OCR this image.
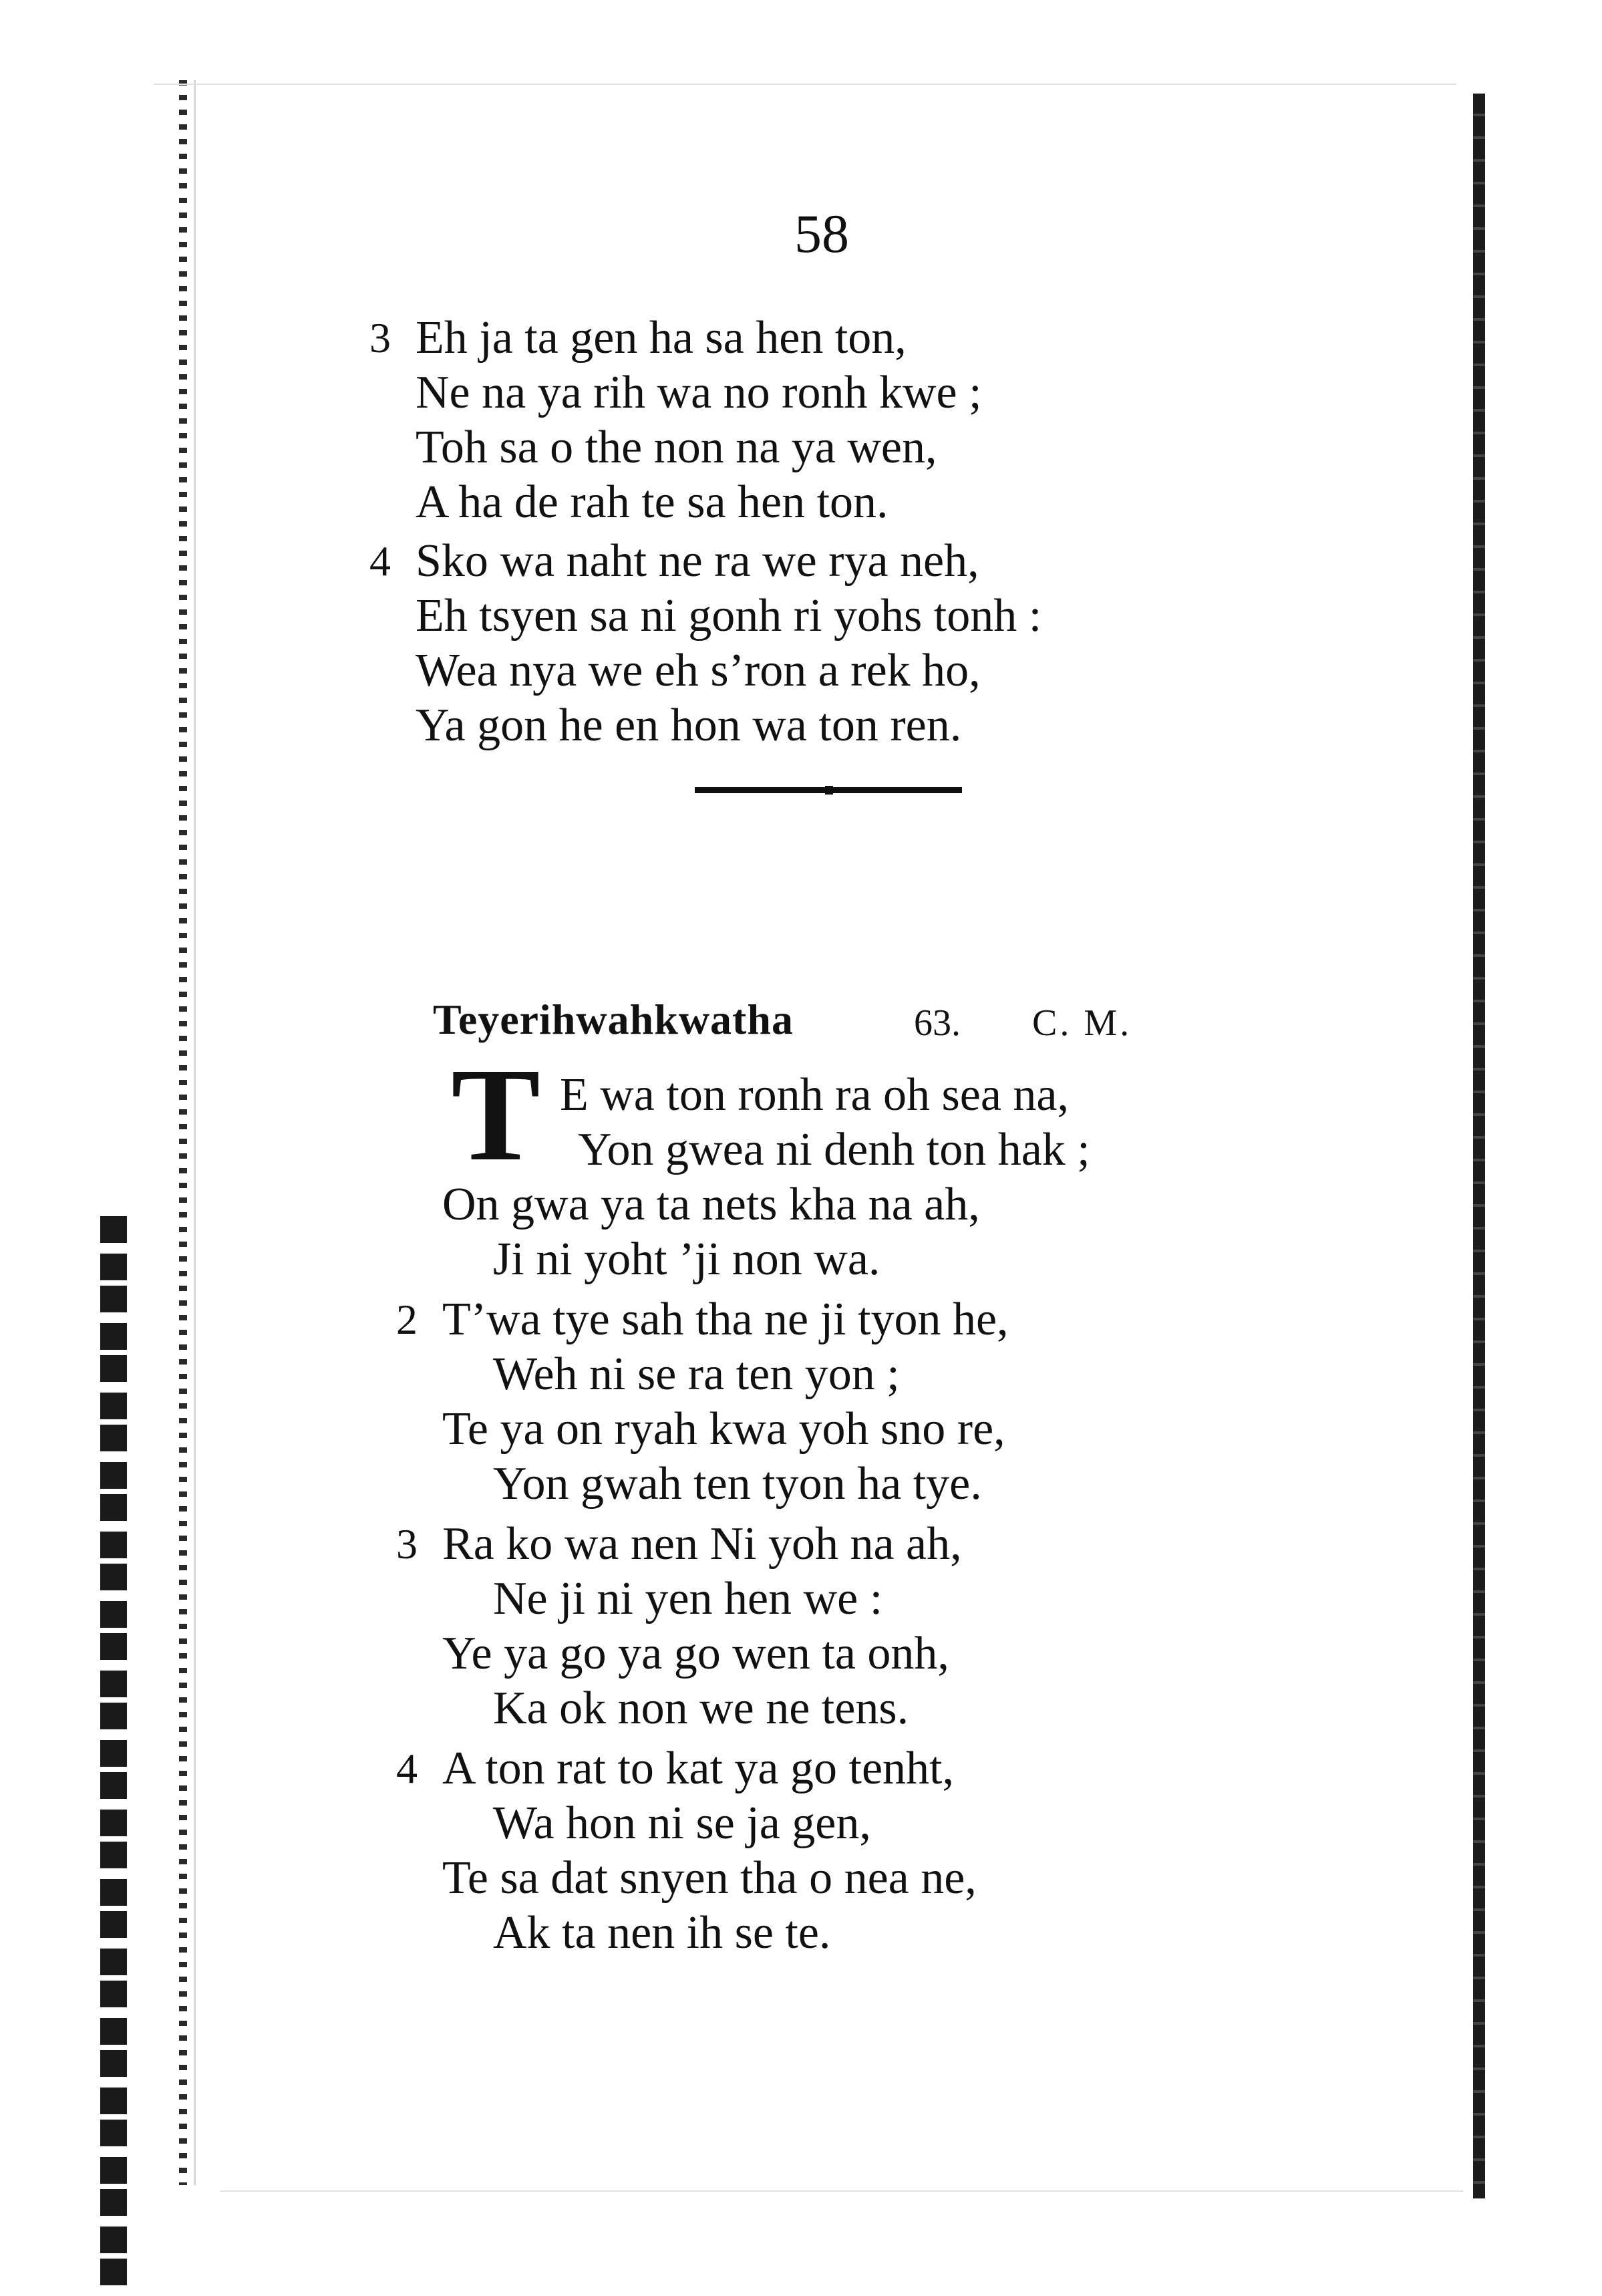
58
3 Eh ja ta gen ha sa hen ton,
Ne na ya rih wa no ronh kwe ;
Toh sa o the non na ya wen,
A ha de rah te sa hen ton.
4 Sko wa naht ne ra we rya neh,
Eh tsyen sa ni gonh ri yohs tonh :
Wea nya we eh s’ron a rek ho,
Ya gon he en hon wa ton ren.
Teyerihwahkwatha	63. C. M.
T E wa ton ronh ra oh sea na,
Yon gwea ni denh ton hak ;
On gwa ya ta nets kha na ah,
Ji ni yoht ’ji non wa.
2 T’wa tye sah tha ne ji tyon he,
Weh ni se ra ten yon ;
Te ya on ryah kwa yoh sno re,
Yon gwah ten tyon ha tye.
3 Ra ko wa nen Ni yoh na ah,
Ne ji ni yen hen we :
Ye ya go ya go wen ta onh,
Ka ok non we ne tens.
4 A ton rat to kat ya go tenht,
Wa hon ni se ja gen,
Te sa dat snyen tha o nea ne,
Ak ta nen ih se te.
